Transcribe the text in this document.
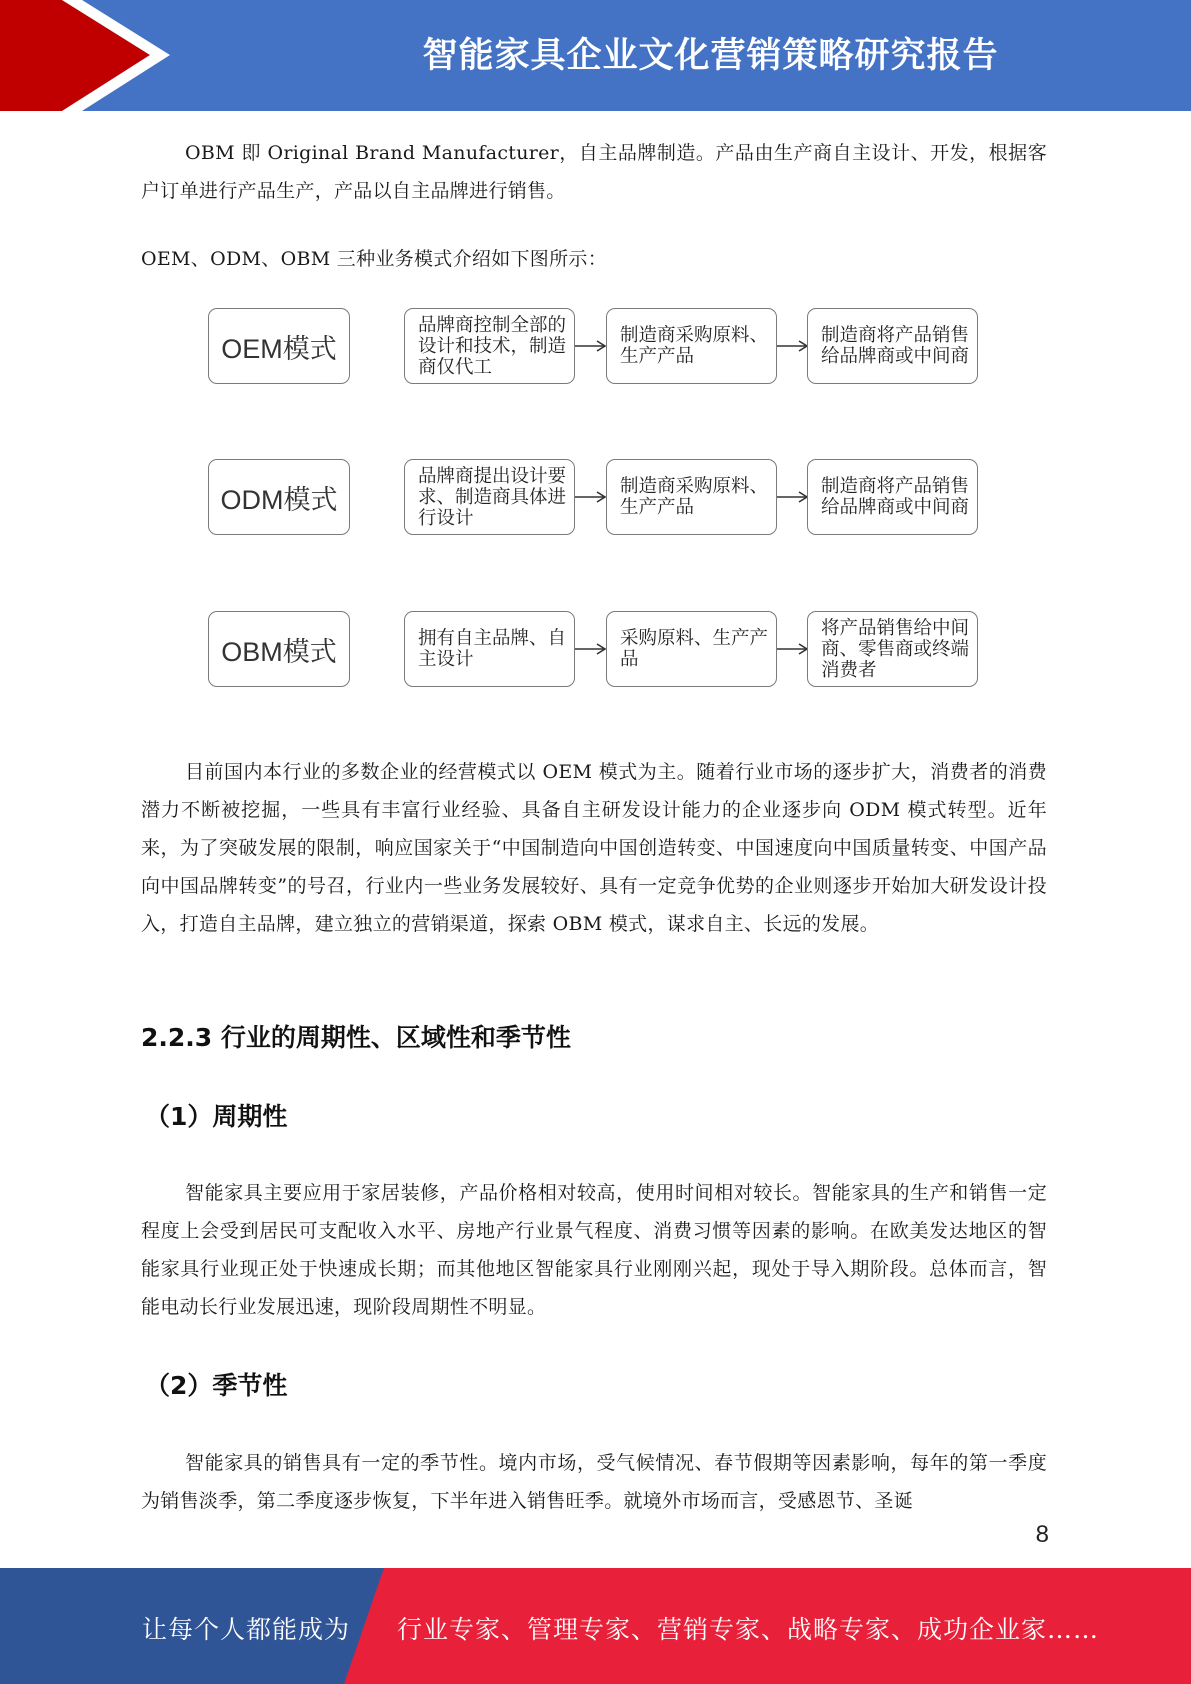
智能家具企业文化营销策略研究报告

OBM 即 Original Brand Manufacturer，自主品牌制造。产品由生产商自主设计、开发，根据客户订单进行产品生产，产品以自主品牌进行销售。

OEM、ODM、OBM 三种业务模式介绍如下图所示：

OEM模式
品牌商控制全部的设计和技术，制造商仅代工
制造商采购原料、生产产品
制造商将产品销售给品牌商或中间商
ODM模式
品牌商提出设计要求、制造商具体进行设计
制造商采购原料、生产产品
制造商将产品销售给品牌商或中间商
OBM模式	拥有自主品牌、自主设计
采购原料、生产产品
将产品销售给中间商、零售商或终端消费者

目前国内本行业的多数企业的经营模式以 OEM 模式为主。随着行业市场的逐步扩大，消费者的消费潜力不断被挖掘，一些具有丰富行业经验、具备自主研发设计能力的企业逐步向 ODM 模式转型。近年来，为了突破发展的限制，响应国家关于“中国制造向中国创造转变、中国速度向中国质量转变、中国产品向中国品牌转变”的号召，行业内一些业务发展较好、具有一定竞争优势的企业则逐步开始加大研发设计投入，打造自主品牌，建立独立的营销渠道，探索 OBM 模式，谋求自主、长远的发展。

2.2.3 行业的周期性、区域性和季节性
（1）周期性

智能家具主要应用于家居装修，产品价格相对较高，使用时间相对较长。智能家具的生产和销售一定程度上会受到居民可支配收入水平、房地产行业景气程度、消费习惯等因素的影响。在欧美发达地区的智能家具行业现正处于快速成长期；而其他地区智能家具行业刚刚兴起，现处于导入期阶段。总体而言，智能电动长行业发展迅速，现阶段周期性不明显。

（2）季节性

智能家具的销售具有一定的季节性。境内市场，受气候情况、春节假期等因素影响，每年的第一季度为销售淡季，第二季度逐步恢复，下半年进入销售旺季。就境外市场而言，受感恩节、圣诞

8
让每个人都能成为 行业专家、管理专家、营销专家、战略专家、成功企业家……
